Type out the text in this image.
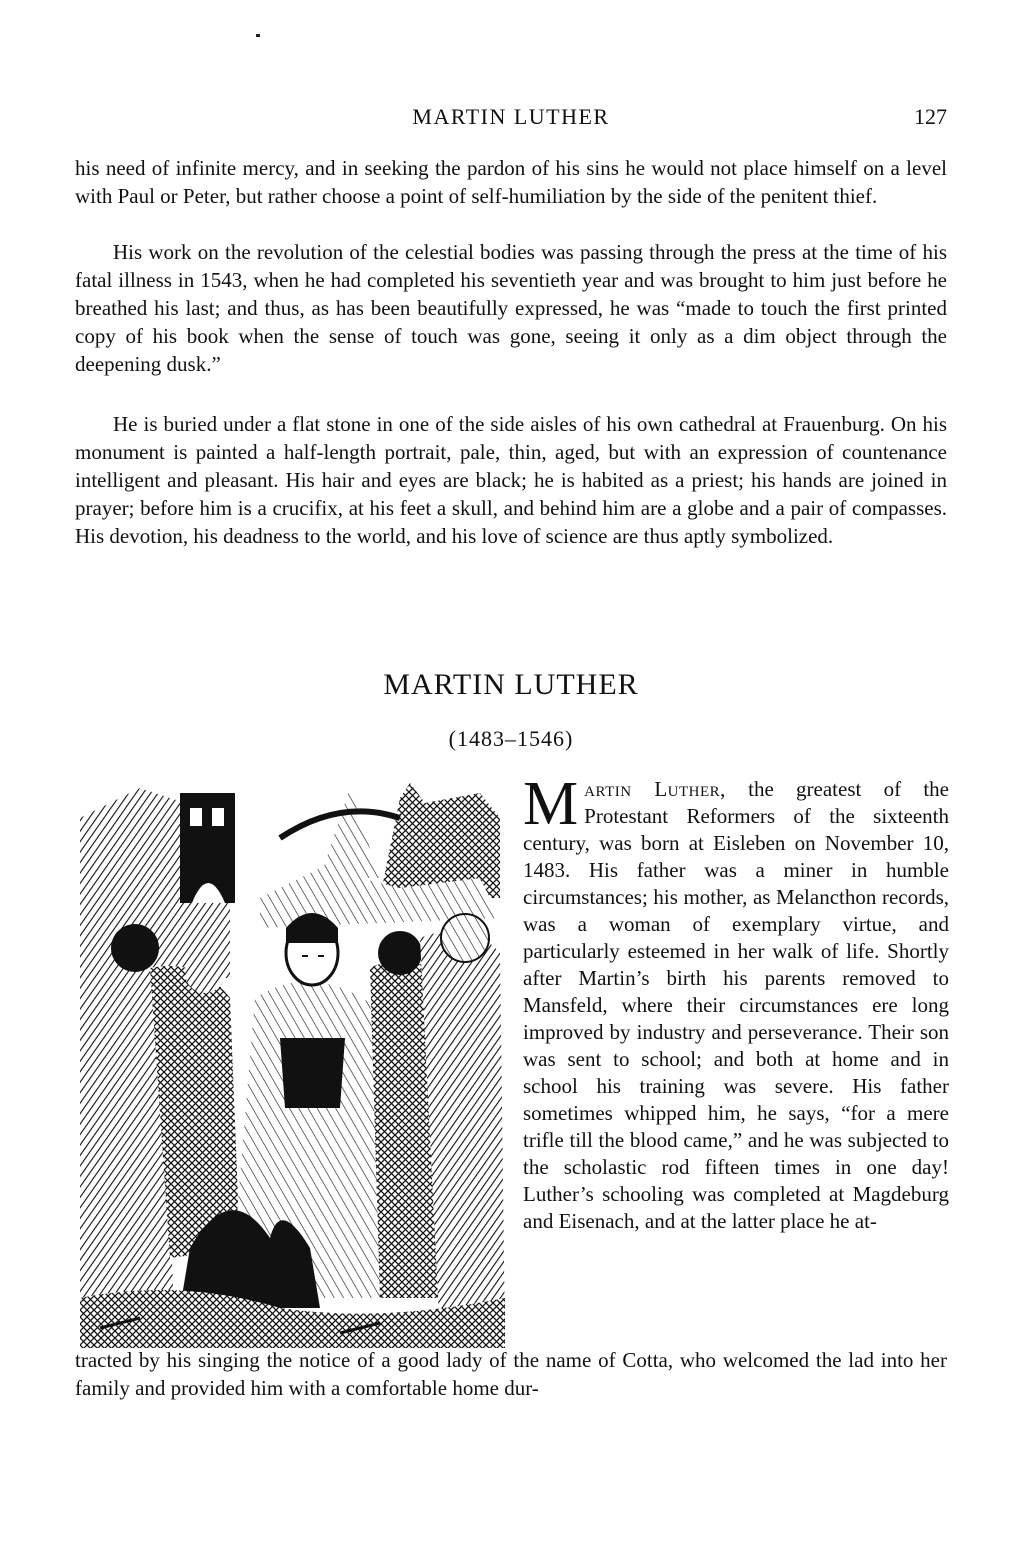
MARTIN LUTHER	127

his need of infinite mercy, and in seeking the pardon of his sins he would not place himself on a level with Paul or Peter, but rather choose a point of self-humiliation by the side of the penitent thief.

His work on the revolution of the celestial bodies was passing through the press at the time of his fatal illness in 1543, when he had completed his seventieth year and was brought to him just before he breathed his last; and thus, as has been beautifully expressed, he was “made to touch the first printed copy of his book when the sense of touch was gone, seeing it only as a dim object through the deepening dusk.”

He is buried under a flat stone in one of the side aisles of his own cathedral at Frauenburg. On his monument is painted a half-length portrait, pale, thin, aged, but with an expression of countenance intelligent and pleasant. His hair and eyes are black; he is habited as a priest; his hands are joined in prayer; before him is a crucifix, at his feet a skull, and behind him are a globe and a pair of compasses. His devotion, his deadness to the world, and his love of science are thus aptly symbolized.

MARTIN LUTHER
(1483–1546)

Martin Luther, the greatest of the Protestant Reformers of the sixteenth century, was born at Eisleben on November 10, 1483. His father was a miner in humble circumstances; his mother, as Melancthon records, was a woman of exemplary virtue, and particularly esteemed in her walk of life. Shortly after Martin’s birth his parents removed to Mansfeld, where their circumstances ere long improved by industry and perseverance. Their son was sent to school; and both at home and in school his training was severe. His father sometimes whipped him, he says, “for a mere trifle till the blood came,” and he was subjected to the scholastic rod fifteen times in one day! Luther’s schooling was completed at Magdeburg and Eisenach, and at the latter place he at-

tracted by his singing the notice of a good lady of the name of Cotta, who welcomed the lad into her family and provided him with a comfortable home dur-
